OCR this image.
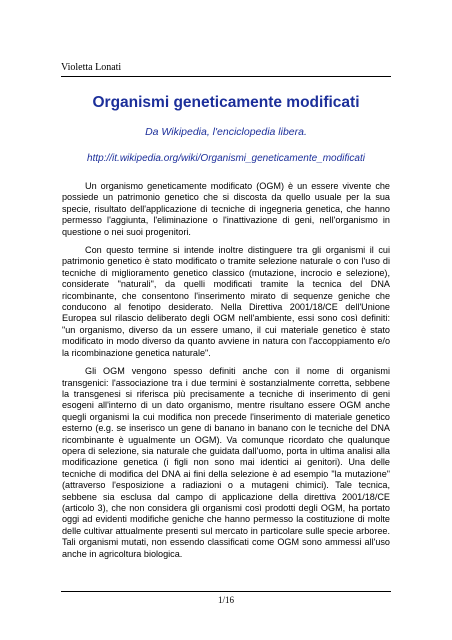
Violetta Lonati
Organismi geneticamente modificati
Da Wikipedia, l'enciclopedia libera.
http://it.wikipedia.org/wiki/Organismi_geneticamente_modificati

Un organismo geneticamente modificato (OGM) è un essere vivente che possiede un patrimonio genetico che si discosta da quello usuale per la sua specie, risultato dell'applicazione di tecniche di ingegneria genetica, che hanno permesso l'aggiunta, l'eliminazione o l'inattivazione di geni, nell'organismo in questione o nei suoi progenitori.

Con questo termine si intende inoltre distinguere tra gli organismi il cui patrimonio genetico è stato modificato o tramite selezione naturale o con l'uso di tecniche di miglioramento genetico classico (mutazione, incrocio e selezione), considerate "naturali", da quelli modificati tramite la tecnica del DNA ricombinante, che consentono l'inserimento mirato di sequenze geniche che conducono al fenotipo desiderato. Nella Direttiva 2001/18/CE dell'Unione Europea sul rilascio deliberato degli OGM nell'ambiente, essi sono così definiti: "un organismo, diverso da un essere umano, il cui materiale genetico è stato modificato in modo diverso da quanto avviene in natura con l'accoppiamento e/o la ricombinazione genetica naturale".

Gli OGM vengono spesso definiti anche con il nome di organismi transgenici: l'associazione tra i due termini è sostanzialmente corretta, sebbene la transgenesi si riferisca più precisamente a tecniche di inserimento di geni esogeni all'interno di un dato organismo, mentre risultano essere OGM anche quegli organismi la cui modifica non precede l'inserimento di materiale genetico esterno (e.g. se inserisco un gene di banano in banano con le tecniche del DNA ricombinante è ugualmente un OGM). Va comunque ricordato che qualunque opera di selezione, sia naturale che guidata dall'uomo, porta in ultima analisi alla modificazione genetica (i figli non sono mai identici ai genitori). Una delle tecniche di modifica del DNA ai fini della selezione è ad esempio "la mutazione" (attraverso l'esposizione a radiazioni o a mutageni chimici). Tale tecnica, sebbene sia esclusa dal campo di applicazione della direttiva 2001/18/CE (articolo 3), che non considera gli organismi così prodotti degli OGM, ha portato oggi ad evidenti modifiche geniche che hanno permesso la costituzione di molte delle cultivar attualmente presenti sul mercato in particolare sulle specie arboree. Tali organismi mutati, non essendo classificati come OGM sono ammessi all'uso anche in agricoltura biologica.

1/16
